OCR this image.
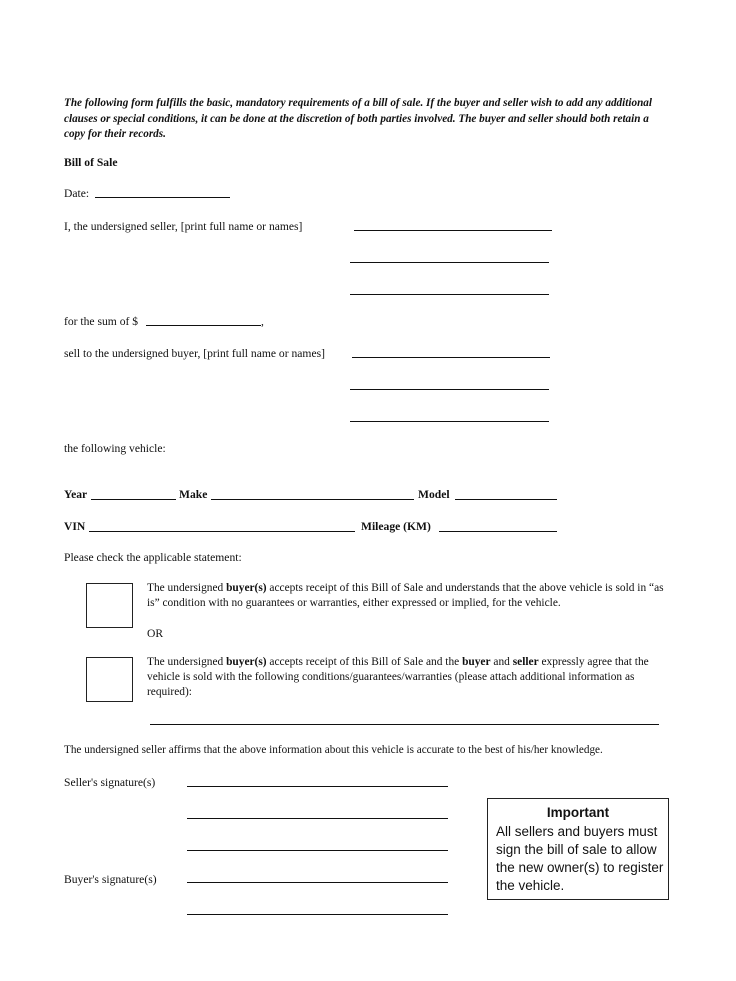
The following form fulfills the basic, mandatory requirements of a bill of sale. If the buyer and seller wish to add any additional clauses or special conditions, it can be done at the discretion of both parties involved. The buyer and seller should both retain a copy for their records.
Bill of Sale
Date:
I, the undersigned seller, [print full name or names]
for the sum of $	,
sell to the undersigned buyer, [print full name or names]
the following vehicle:
Year	Make	Model
VIN	Mileage (KM)
Please check the applicable statement:
The undersigned buyer(s) accepts receipt of this Bill of Sale and understands that the above vehicle is sold in “as is” condition with no guarantees or warranties, either expressed or implied, for the vehicle.
OR
The undersigned buyer(s) accepts receipt of this Bill of Sale and the buyer and seller expressly agree that the vehicle is sold with the following conditions/guarantees/warranties (please attach additional information as required):
The undersigned seller affirms that the above information about this vehicle is accurate to the best of his/her knowledge.
Seller's signature(s)
Buyer's signature(s)
Important
All sellers and buyers must sign the bill of sale to allow the new owner(s) to register the vehicle.
